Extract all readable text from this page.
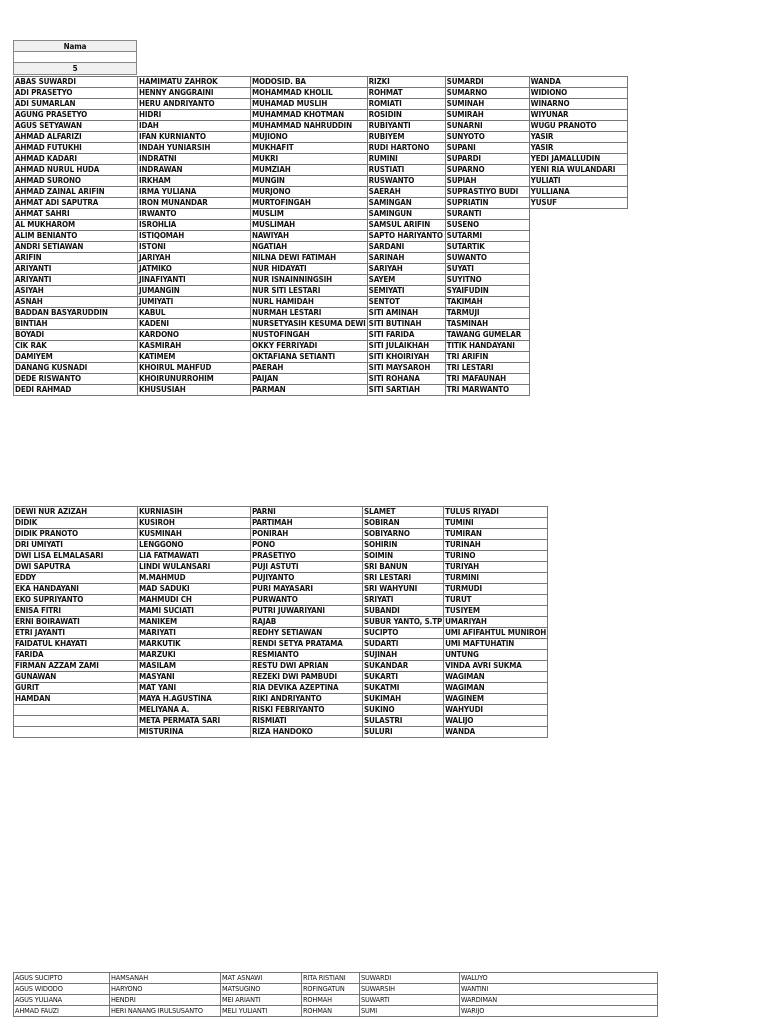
Nama
5
ABAS SUWARDI	HAMIMATU ZAHROK	MODOSID. BA	RIZKI	SUMARDI	WANDA
ADI PRASETYO	HENNY ANGGRAINI	MOHAMMAD KHOLIL	ROHMAT	SUMARNO	WIDIONO
ADI SUMARLAN	HERU ANDRIYANTO	MUHAMAD MUSLIH	ROMIATI	SUMINAH	WINARNO
AGUNG PRASETYO	HIDRI	MUHAMMAD KHOTMAN	ROSIDIN	SUMIRAH	WIYUNAR
AGUS SETYAWAN	IDAH	MUHAMMAD NAHRUDDIN	RUBIYANTI	SUNARNI	WUGU PRANOTO
AHMAD ALFARIZI	IFAN KURNIANTO	MUJIONO	RUBIYEM	SUNYOTO	YASIR
AHMAD FUTUKHI	INDAH YUNIARSIH	MUKHAFIT	RUDI HARTONO	SUPANI	YASIR
AHMAD KADARI	INDRATNI	MUKRI	RUMINI	SUPARDI	YEDI JAMALLUDIN
AHMAD NURUL HUDA	INDRAWAN	MUMZIAH	RUSTIATI	SUPARNO	YENI RIA WULANDARI
AHMAD SURONO	IRKHAM	MUNGIN	RUSWANTO	SUPIAH	YULIATI
AHMAD ZAINAL ARIFIN	IRMA YULIANA	MURJONO	SAERAH	SUPRASTIYO BUDI	YULLIANA
AHMAT ADI SAPUTRA	IRON MUNANDAR	MURTOFINGAH	SAMINGAN	SUPRIATIN	YUSUF
AHMAT SAHRI	IRWANTO	MUSLIM	SAMINGUN	SURANTI	
AL MUKHAROM	ISROHLIA	MUSLIMAH	SAMSUL ARIFIN	SUSENO	
ALIM BENIANTO	ISTIQOMAH	NAWIYAH	SAPTO HARIYANTO	SUTARMI	
ANDRI SETIAWAN	ISTONI	NGATIAH	SARDANI	SUTARTIK	
ARIFIN	JARIYAH	NILNA DEWI FATIMAH	SARINAH	SUWANTO	
ARIYANTI	JATMIKO	NUR HIDAYATI	SARIYAH	SUYATI	
ARIYANTI	JINAFIYANTI	NUR ISNAINNINGSIH	SAYEM	SUYITNO	
ASIYAH	JUMANGIN	NUR SITI LESTARI	SEMIYATI	SYAIFUDIN	
ASNAH	JUMIYATI	NURL HAMIDAH	SENTOT	TAKIMAH	
BADDAN BASYARUDDIN	KABUL	NURMAH LESTARI	SITI AMINAH	TARMUJI	
BINTIAH	KADENI	NURSETYASIH KESUMA DEWI	SITI BUTINAH	TASMINAH	
BOYADI	KARDONO	NUSTOFINGAH	SITI FARIDA	TAWANG GUMELAR	
CIK RAK	KASMIRAH	OKKY FERRIYADI	SITI JULAIKHAH	TITIK HANDAYANI	
DAMIYEM	KATIMEM	OKTAFIANA SETIANTI	SITI KHOIRIYAH	TRI ARIFIN	
DANANG KUSNADI	KHOIRUL MAHFUD	PAERAH	SITI MAYSAROH	TRI LESTARI	
DEDE RISWANTO	KHOIRUNURROHIM	PAIJAN	SITI ROHANA	TRI MAFAUNAH	
DEDI RAHMAD	KHUSUSIAH	PARMAN	SITI SARTIAH	TRI MARWANTO	
DEWI NUR AZIZAH	KURNIASIH	PARNI	SLAMET	TULUS RIYADI
DIDIK	KUSIROH	PARTIMAH	SOBIRAN	TUMINI
DIDIK PRANOTO	KUSMINAH	PONIRAH	SOBIYARNO	TUMIRAN
DRI UMIYATI	LENGGONO	PONO	SOHIRIN	TURINAH
DWI LISA ELMALASARI	LIA FATMAWATI	PRASETIYO	SOIMIN	TURINO
DWI SAPUTRA	LINDI WULANSARI	PUJI ASTUTI	SRI BANUN	TURIYAH
EDDY	M.MAHMUD	PUJIYANTO	SRI LESTARI	TURMINI
EKA HANDAYANI	MAD SADUKI	PURI MAYASARI	SRI WAHYUNI	TURMUDI
EKO SUPRIYANTO	MAHMUDI CH	PURWANTO	SRIYATI	TURUT
ENISA FITRI	MAMI SUCIATI	PUTRI JUWARIYANI	SUBANDI	TUSIYEM
ERNI BOIRAWATI	MANIKEM	RAJAB	SUBUR YANTO, S.TP	UMARIYAH
ETRI JAYANTI	MARIYATI	REDHY SETIAWAN	SUCIPTO	UMI AFIFAHTUL MUNIROH
FAIDATUL KHAYATI	MARKUTIK	RENDI SETYA PRATAMA	SUDARTI	UMI MAFTUHATIN
FARIDA	MARZUKI	RESMIANTO	SUJINAH	UNTUNG
FIRMAN AZZAM ZAMI	MASILAM	RESTU DWI APRIAN	SUKANDAR	VINDA AVRI SUKMA
GUNAWAN	MASYANI	REZEKI DWI PAMBUDI	SUKARTI	WAGIMAN
GURIT	MAT YANI	RIA DEVIKA AZEPTINA	SUKATMI	WAGIMAN
HAMDAN	MAYA H.AGUSTINA	RIKI ANDRIYANTO	SUKIMAH	WAGINEM
	MELIYANA A.	RISKI FEBRIYANTO	SUKINO	WAHYUDI
	META PERMATA SARI	RISMIATI	SULASTRI	WALIJO
	MISTURINA	RIZA HANDOKO	SULURI	WANDA
AGUS SUCIPTO	HAMSANAH	MAT ASNAWI	RITA RISTIANI	SUWARDI	WALUYO
AGUS WIDODO	HARYONO	MATSUGINO	ROFINGATUN	SUWARSIH	WANTINI
AGUS YULIANA	HENDRI	MEI ARIANTI	ROHMAH	SUWARTI	WARDIMAN
AHMAD FAUZI	HERI NANANG IRULSUSANTO	MELI YULIANTI	ROHMAN	SUMI	WARIJO
